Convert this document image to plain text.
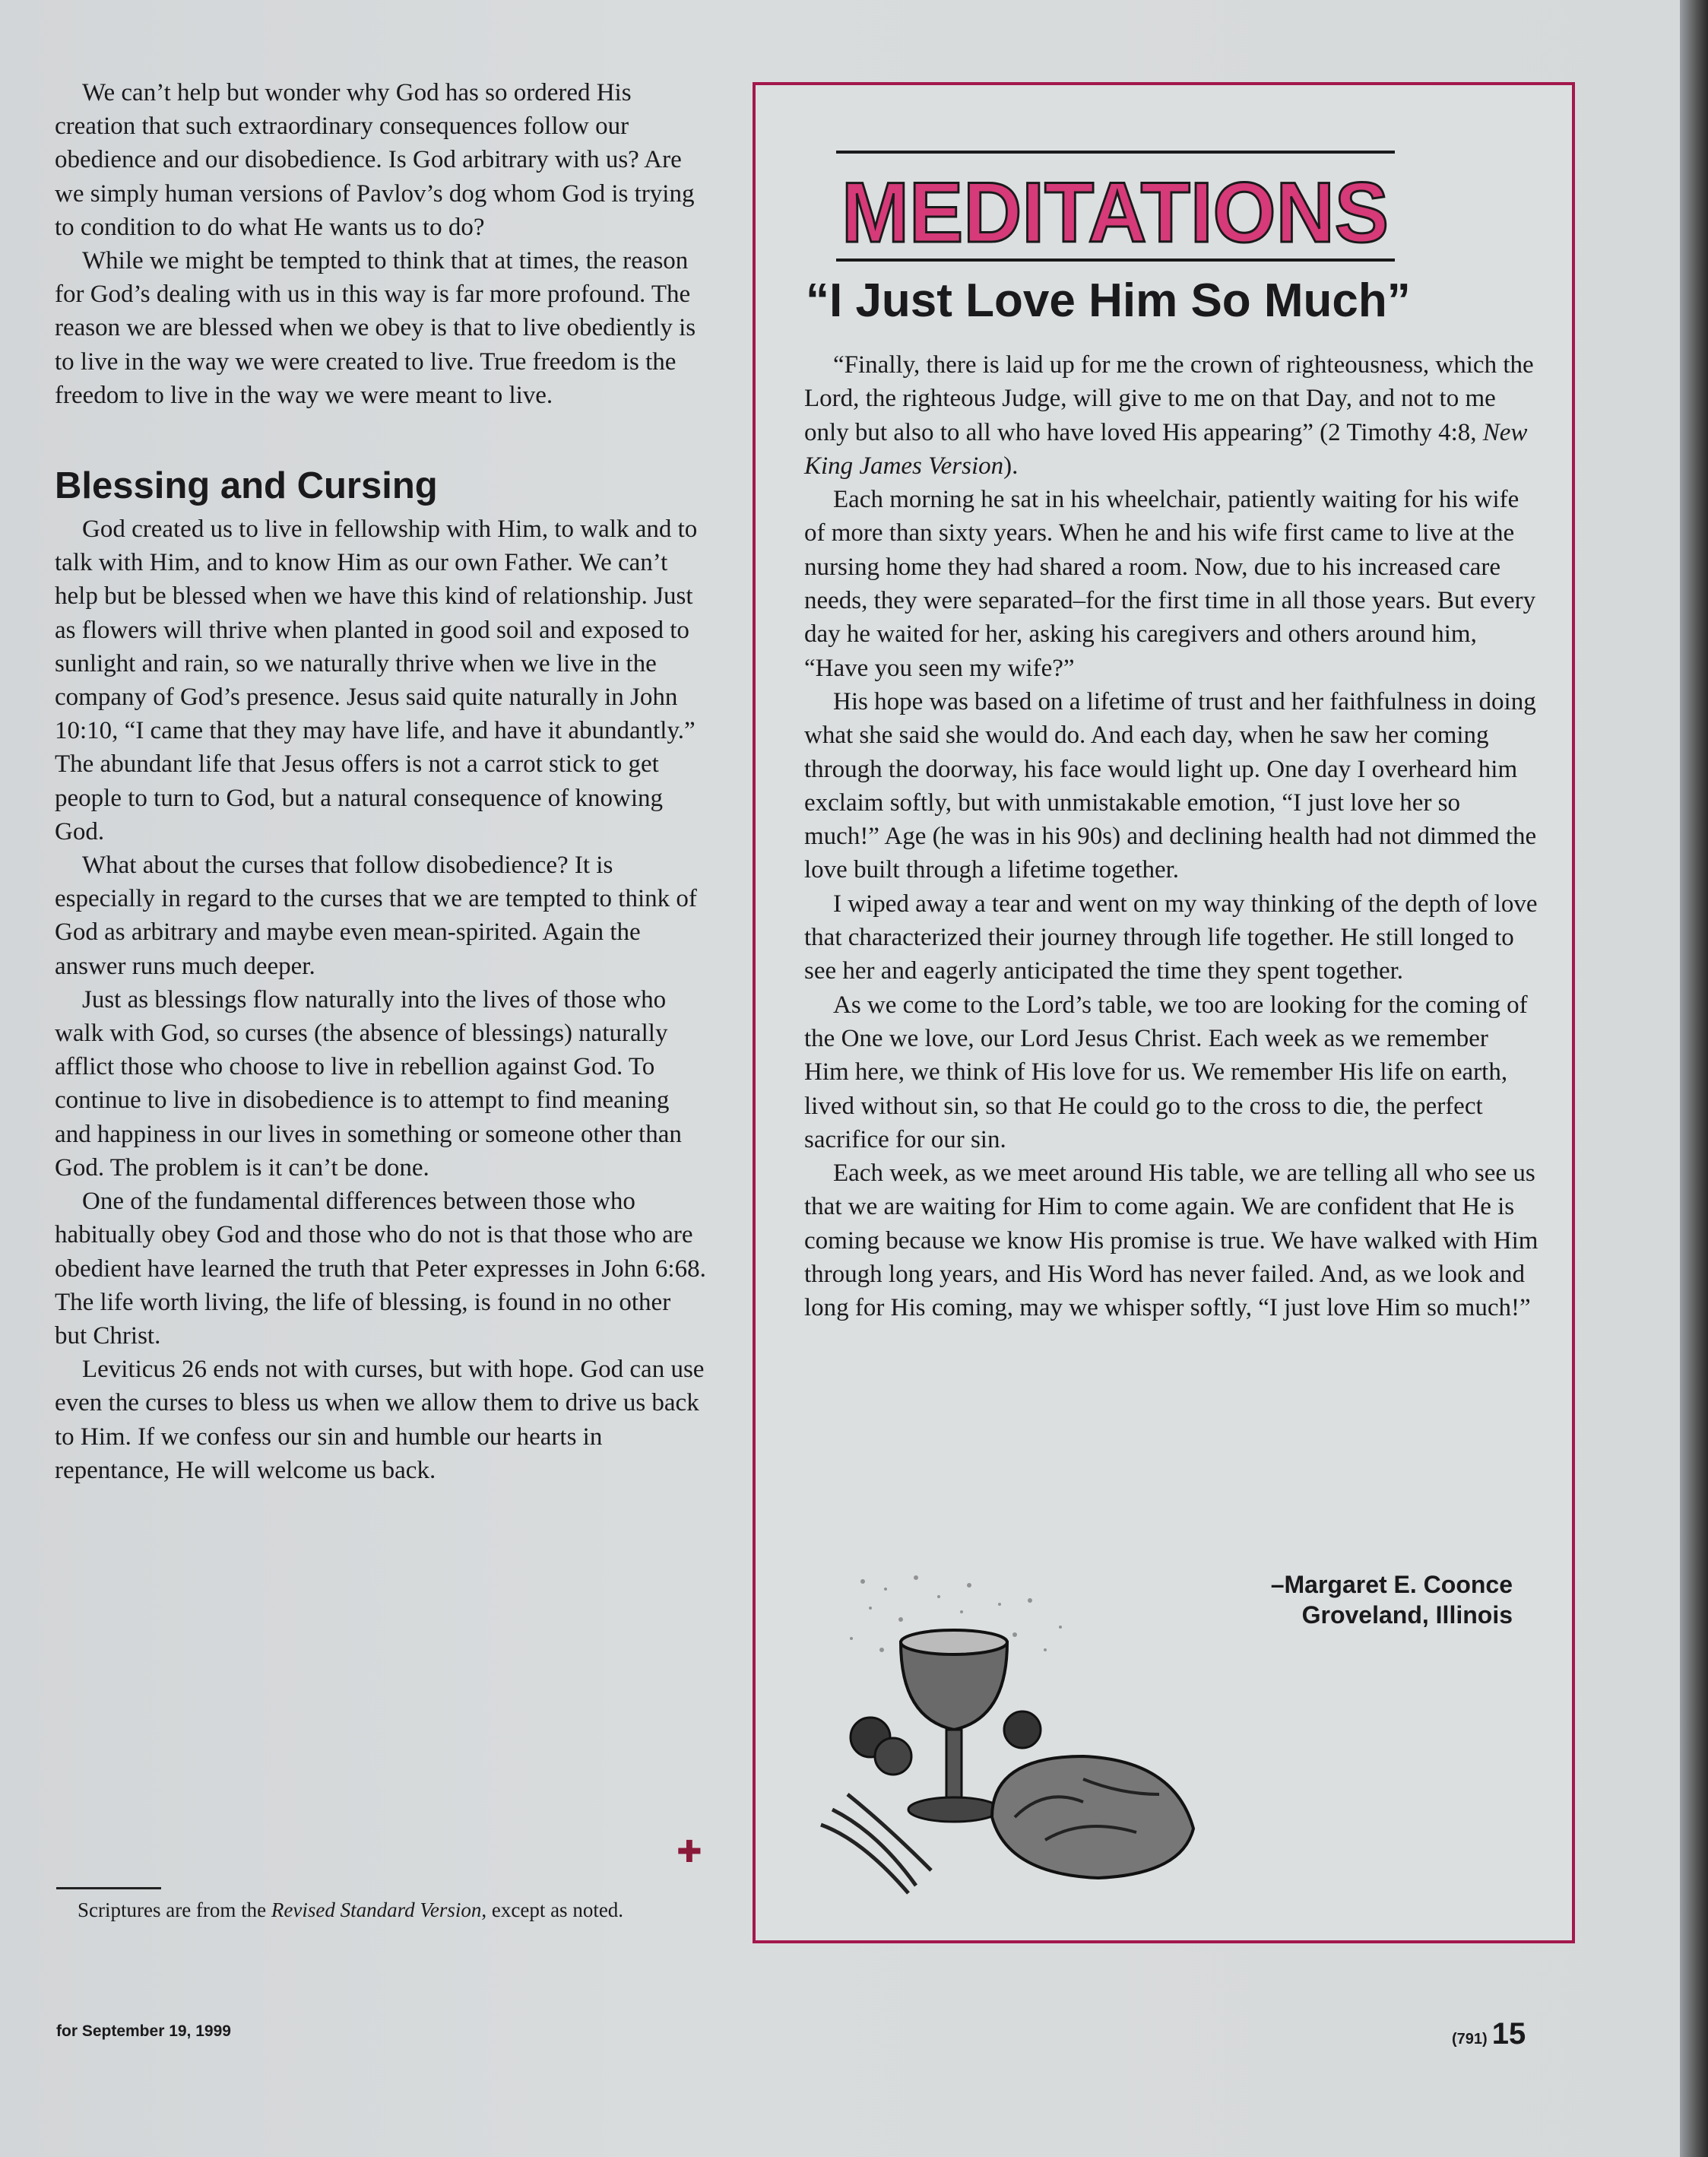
We can’t help but wonder why God has so ordered His creation that such extraordinary consequences follow our obedience and our disobedience. Is God arbitrary with us? Are we simply human versions of Pavlov’s dog whom God is trying to condition to do what He wants us to do?

While we might be tempted to think that at times, the reason for God’s dealing with us in this way is far more profound. The reason we are blessed when we obey is that to live obediently is to live in the way we were created to live. True freedom is the freedom to live in the way we were meant to live.

Blessing and Cursing

God created us to live in fellowship with Him, to walk and to talk with Him, and to know Him as our own Father. We can’t help but be blessed when we have this kind of relationship. Just as flowers will thrive when planted in good soil and exposed to sunlight and rain, so we naturally thrive when we live in the company of God’s presence. Jesus said quite naturally in John 10:10, “I came that they may have life, and have it abundantly.” The abundant life that Jesus offers is not a carrot stick to get people to turn to God, but a natural consequence of knowing God.

What about the curses that follow disobedience? It is especially in regard to the curses that we are tempted to think of God as arbitrary and maybe even mean-spirited. Again the answer runs much deeper.

Just as blessings flow naturally into the lives of those who walk with God, so curses (the absence of blessings) naturally afflict those who choose to live in rebellion against God. To continue to live in disobedience is to attempt to find meaning and happiness in our lives in something or someone other than God. The problem is it can’t be done.

One of the fundamental differences between those who habitually obey God and those who do not is that those who are obedient have learned the truth that Peter expresses in John 6:68. The life worth living, the life of blessing, is found in no other but Christ.

Leviticus 26 ends not with curses, but with hope. God can use even the curses to bless us when we allow them to drive us back to Him. If we confess our sin and humble our hearts in repentance, He will welcome us back.

✚

Scriptures are from the Revised Standard Version, except as noted.

MEDITATIONS
“I Just Love Him So Much”

“Finally, there is laid up for me the crown of righteousness, which the Lord, the righteous Judge, will give to me on that Day, and not to me only but also to all who have loved His appearing” (2 Timothy 4:8, New King James Version).

Each morning he sat in his wheelchair, patiently waiting for his wife of more than sixty years. When he and his wife first came to live at the nursing home they had shared a room. Now, due to his increased care needs, they were separated–for the first time in all those years. But every day he waited for her, asking his caregivers and others around him, “Have you seen my wife?”

His hope was based on a lifetime of trust and her faithfulness in doing what she said she would do. And each day, when he saw her coming through the doorway, his face would light up. One day I overheard him exclaim softly, but with unmistakable emotion, “I just love her so much!” Age (he was in his 90s) and declining health had not dimmed the love built through a lifetime together.

I wiped away a tear and went on my way thinking of the depth of love that characterized their journey through life together. He still longed to see her and eagerly anticipated the time they spent together.

As we come to the Lord’s table, we too are looking for the coming of the One we love, our Lord Jesus Christ. Each week as we remember Him here, we think of His love for us. We remember His life on earth, lived without sin, so that He could go to the cross to die, the perfect sacrifice for our sin.

Each week, as we meet around His table, we are telling all who see us that we are waiting for Him to come again. We are confident that He is coming because we know His promise is true. We have walked with Him through long years, and His Word has never failed. And, as we look and long for His coming, may we whisper softly, “I just love Him so much!”

–Margaret E. Coonce
Groveland, Illinois
for September 19, 1999	(791) 15
